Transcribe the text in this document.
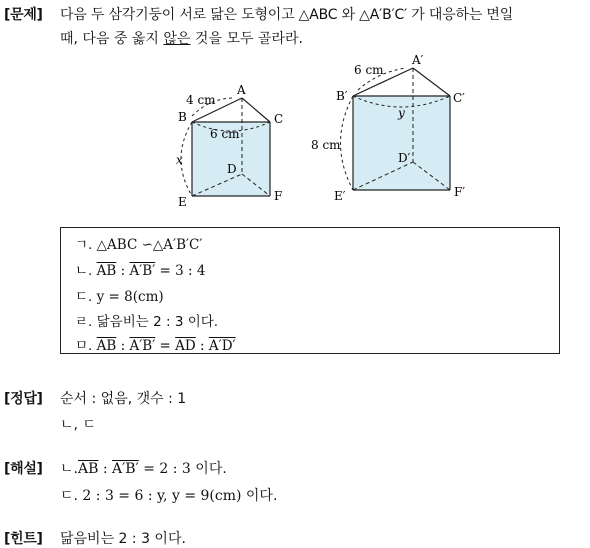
[문제] 다음 두 삼각기둥이 서로 닮은 도형이고 △ABC 와 △A′B′C′ 가 대응하는 면일
때, 다음 중 옳지 않은 것을 모두 골라라.
A
B	C
D
E	F
4 cm
6 cm
x
A′
B′	C′
D′
E′	F′
6 cm
y
8 cm
ㄱ. △ABC ∽△A′B′C′
ㄴ. $\overline{AB}$ : A′B′ = 3 : 4
ㄷ. y = 8(cm)
ㄹ. 닮음비는 2 : 3 이다.
ㅁ. $\overline{AB}$ : $A'B' = \overline{AD}$ : A′D′
[정답] 순서 : 없음, 갯수 : 1
ㄴ, ㄷ
[해설] ㄴ$.\overline{AB}$ : A′B′ = 2 : 3 이다.
ㄷ. 2 : 3 = 6 : y, y = 9(cm) 이다.
[힌트] 닮음비는 2 : 3 이다.
